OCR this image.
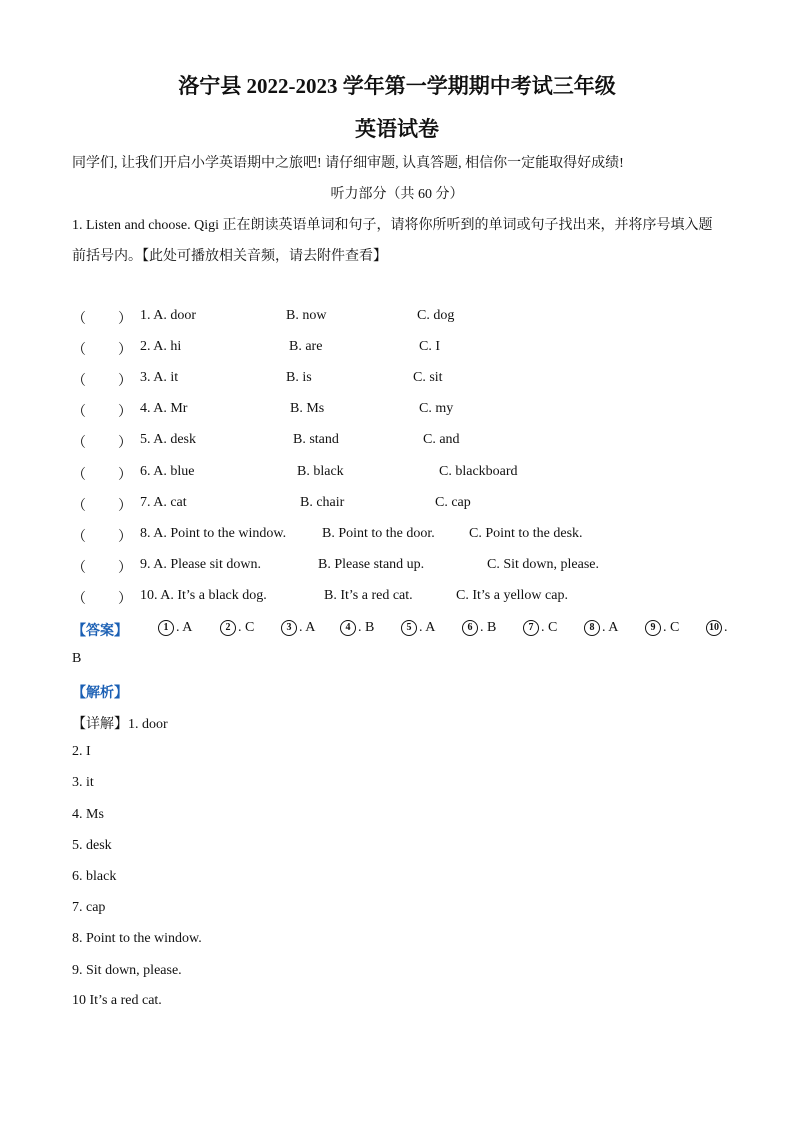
洛宁县 2022-2023 学年第一学期期中考试三年级
英语试卷
同学们, 让我们开启小学英语期中之旅吧! 请仔细审题, 认真答题, 相信你一定能取得好成绩!
听力部分（共 60 分）
1. Listen and choose. Qigi 正在朗读英语单词和句子，请将你所听到的单词或句子找出来，并将序号填入题
前括号内。【此处可播放相关音频，请去附件查看】
（ ） 1. A. door	B. now	C. dog
（ ） 2. A. hi	B. are	C. I
（ ） 3. A. it	B. is	C. sit
（ ） 4. A. Mr	B. Ms	C. my
（ ） 5. A. desk	B. stand	C. and
（ ） 6. A. blue	B. black	C. blackboard
（ ） 7. A. cat	B. chair	C. cap
（ ） 8. A. Point to the window.	B. Point to the door. C. Point to the desk.
（ ） 9. A. Please sit down.	B. Please stand up.	C. Sit down, please.
（ ） 10. A. It’s a black dog.	B. It’s a red cat.	C. It’s a yellow cap.
【答案】	1 . A	2 . C	3 . A	4 . B	5 . A	6 . B	7 . C	8 . A	9 . C	10 .
B
【解析】
【详解】1. door
2. I
3. it
4. Ms
5. desk
6. black
7. cap
8. Point to the window.
9. Sit down, please.
10 It’s a red cat.
